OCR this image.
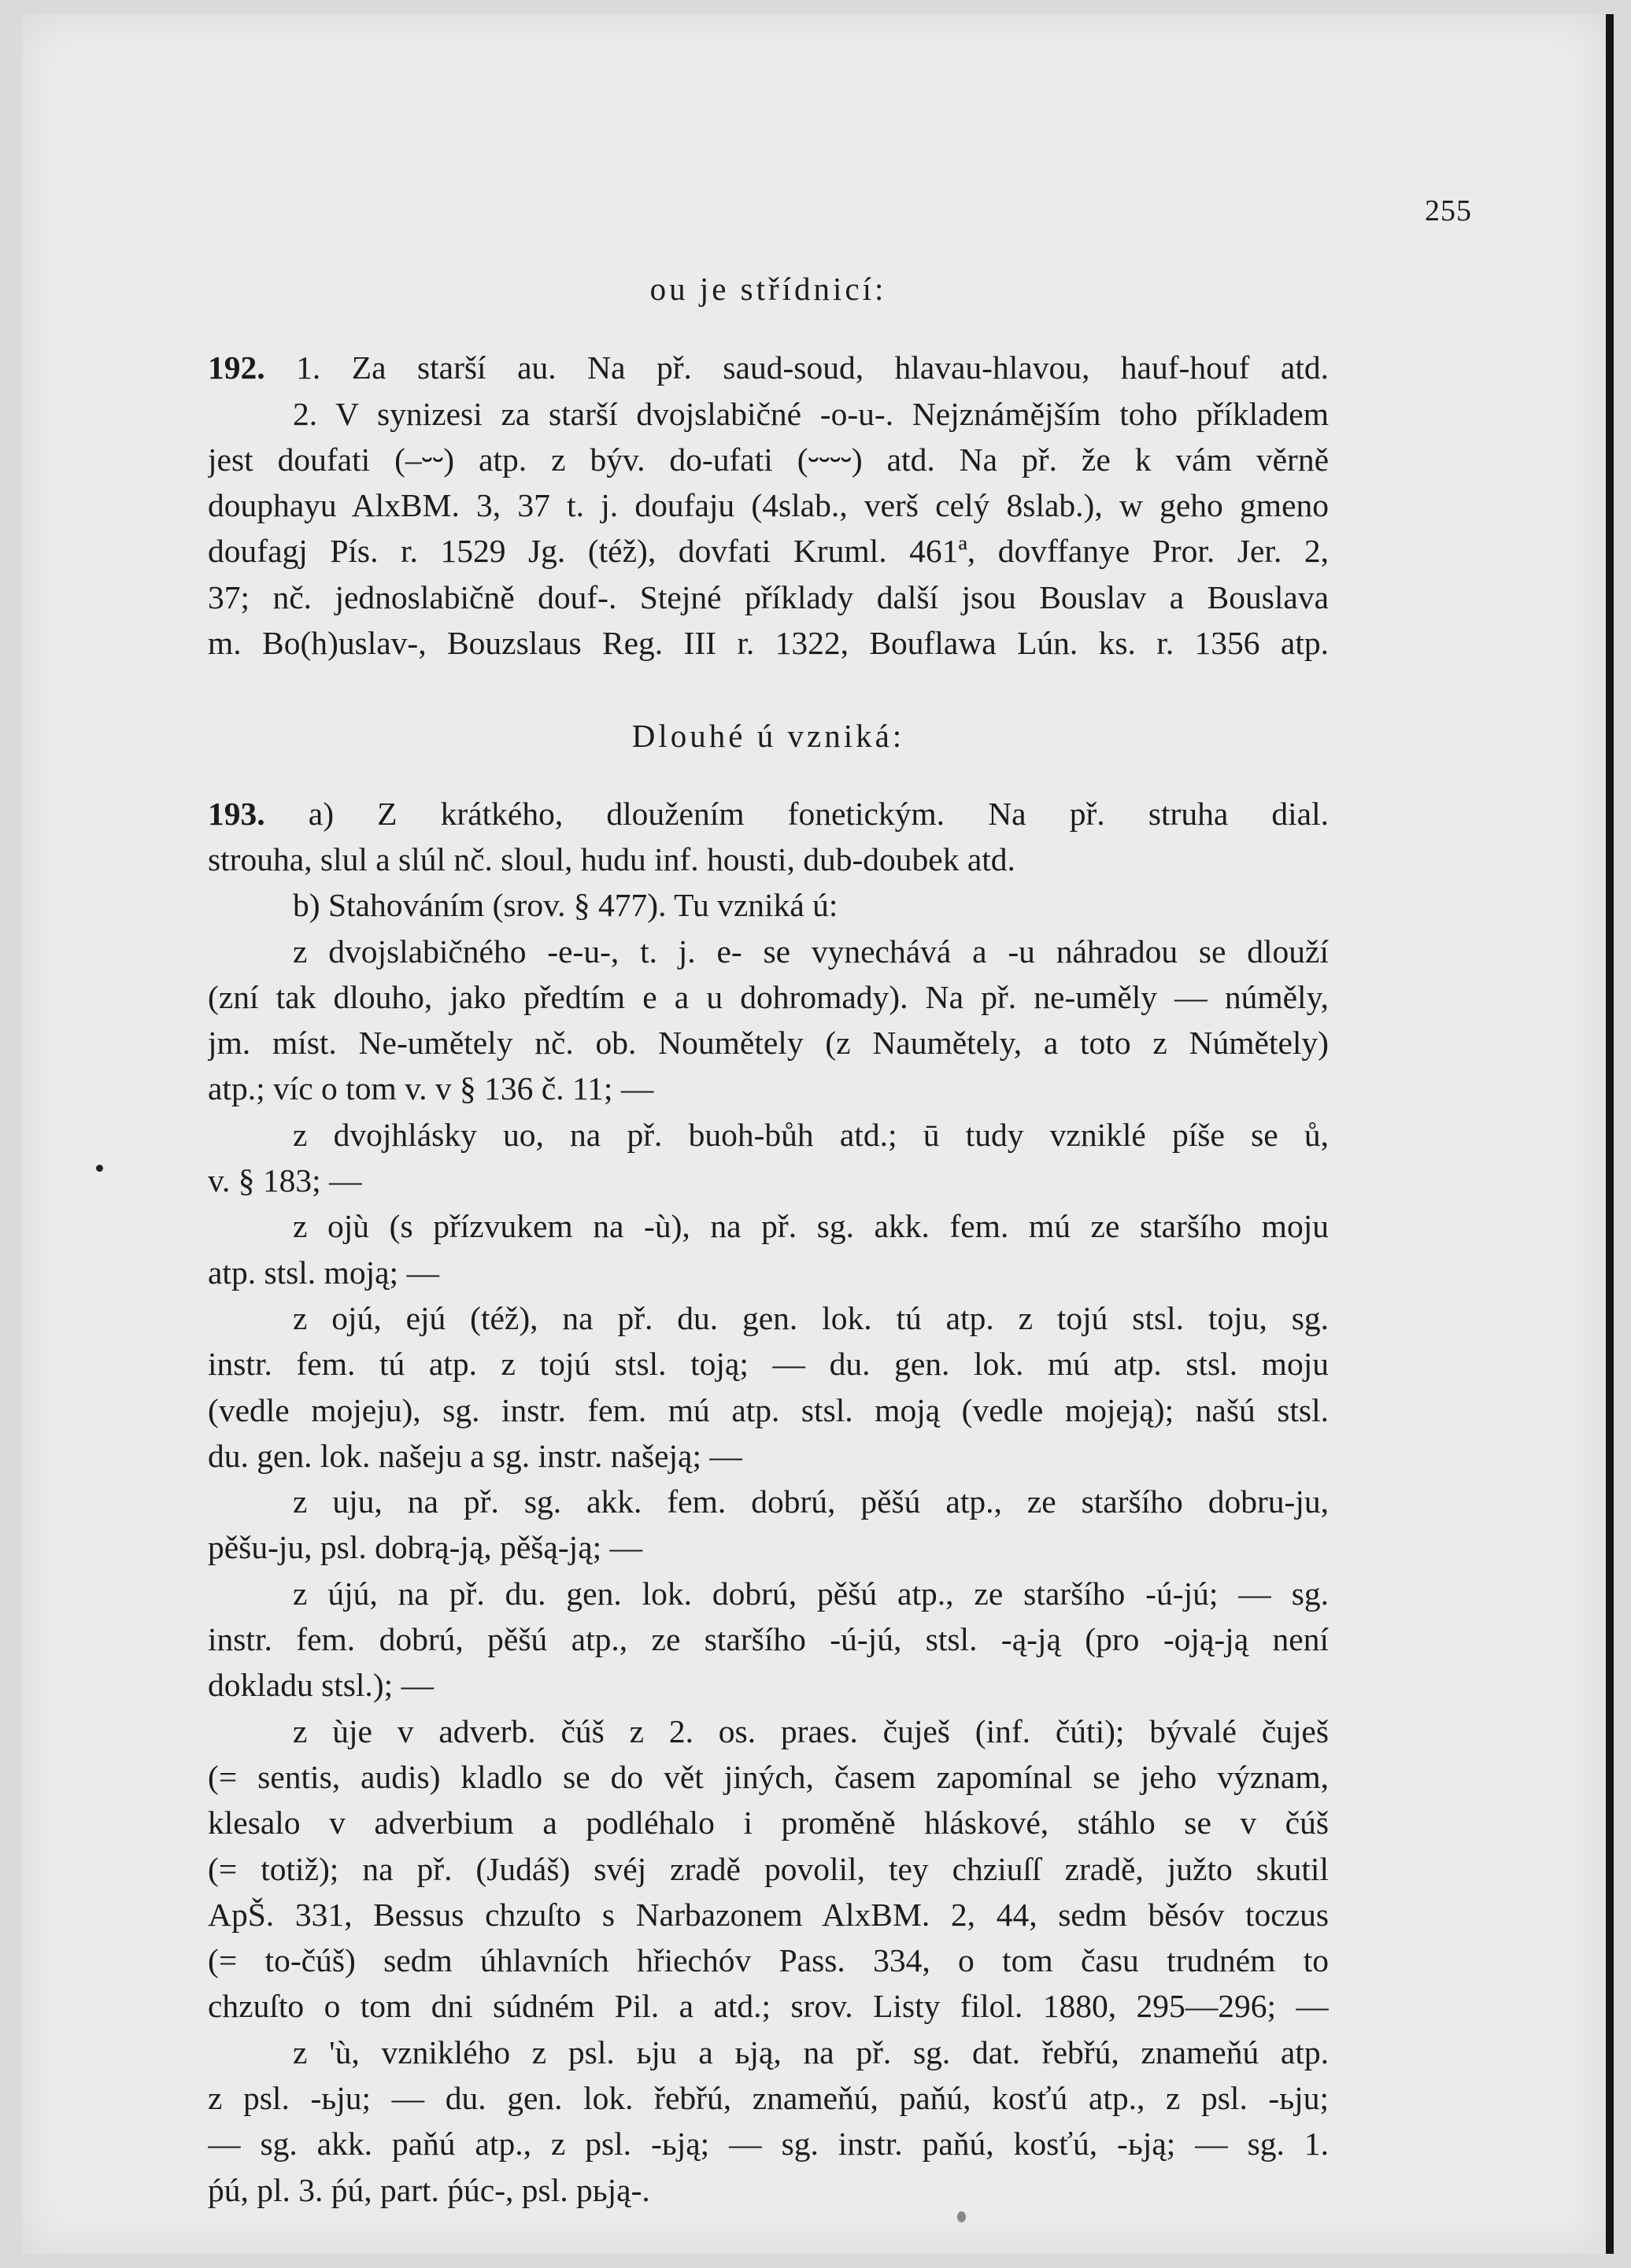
255
ou je střídnicí:
192. 1. Za starší au. Na př. saud-soud, hlavau-hlavou, hauf-houf atd.
2. V synizesi za starší dvojslabičné -o-u-. Nejznámějším toho příkladem
jest doufati (–⏑⏑) atp. z býv. do-ufati (⏑⏑⏑⏑) atd. Na př. že k vám věrně
douphayu AlxBM. 3, 37 t. j. doufaju (4slab., verš celý 8slab.), w geho gmeno
doufagj Pís. r. 1529 Jg. (též), dovfati Kruml. 461ª, dovffanye Pror. Jer. 2,
37; nč. jednoslabičně douf-. Stejné příklady další jsou Bouslav a Bouslava
m. Bo(h)uslav-, Bouzslaus Reg. III r. 1322, Bouflawa Lún. ks. r. 1356 atp.
Dlouhé ú vzniká:
193. a) Z krátkého, dloužením fonetickým. Na př. struha dial.
strouha, slul a slúl nč. sloul, hudu inf. housti, dub-doubek atd.
b) Stahováním (srov. § 477). Tu vzniká ú:
z dvojslabičného -e-u-, t. j. e- se vynechává a -u náhradou se dlouží
(zní tak dlouho, jako předtím e a u dohromady). Na př. ne-uměly — núměly,
jm. míst. Ne-umětely nč. ob. Noumětely (z Naumětely, a toto z Númětely)
atp.; víc o tom v. v § 136 č. 11; —
z dvojhlásky uo, na př. buoh-bůh atd.; ū tudy vzniklé píše se ů,
v. § 183; —
z ojù (s přízvukem na -ù), na př. sg. akk. fem. mú ze staršího moju
atp. stsl. moją; —
z ojú, ejú (též), na př. du. gen. lok. tú atp. z tojú stsl. toju, sg.
instr. fem. tú atp. z tojú stsl. toją; — du. gen. lok. mú atp. stsl. moju
(vedle mojeju), sg. instr. fem. mú atp. stsl. moją (vedle mojeją); našú stsl.
du. gen. lok. našeju a sg. instr. našeją; —
z uju, na př. sg. akk. fem. dobrú, pěšú atp., ze staršího dobru-ju,
pěšu-ju, psl. dobrą-ją, pěšą-ją; —
z újú, na př. du. gen. lok. dobrú, pěšú atp., ze staršího -ú-jú; — sg.
instr. fem. dobrú, pěšú atp., ze staršího -ú-jú, stsl. -ą-ją (pro -oją-ją není
dokladu stsl.); —
z ùje v adverb. čúš z 2. os. praes. čuješ (inf. čúti); bývalé čuješ
(= sentis, audis) kladlo se do vět jiných, časem zapomínal se jeho význam,
klesalo v adverbium a podléhalo i proměně hláskové, stáhlo se v čúš
(= totiž); na př. (Judáš) svéj zradě povolil, tey chziuſſ zradě, južto skutil
ApŠ. 331, Bessus chzuſto s Narbazonem AlxBM. 2, 44, sedm běsóv toczus
(= to-čúš) sedm úhlavních hřiechóv Pass. 334, o tom času trudném to
chzuſto o tom dni súdném Pil. a atd.; srov. Listy filol. 1880, 295—296; —
z 'ù, vzniklého z psl. ьju a ьją, na př. sg. dat. řebřú, znameňú atp.
z psl. -ьju; — du. gen. lok. řebřú, znameňú, paňú, kosťú atp., z psl. -ьju;
— sg. akk. paňú atp., z psl. -ьją; — sg. instr. paňú, kosťú, -ьją; — sg. 1.
ṕú, pl. 3. ṕú, part. ṕúc-, psl. pьją-.
